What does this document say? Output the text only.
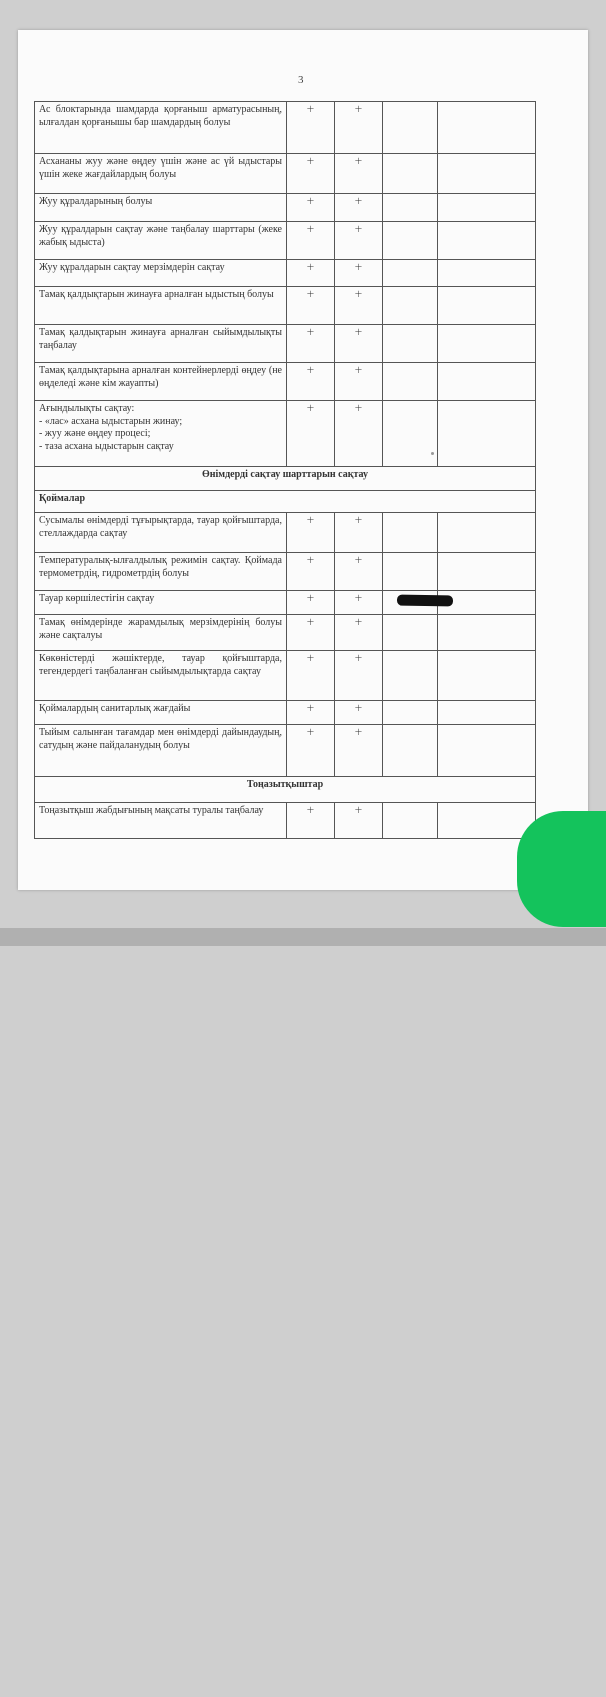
3
Ас блоктарында шамдарда қорғаныш арматурасының, ылғалдан қорғанышы бар шамдардың болуы	+	+		
Асхананы жуу және өңдеу үшін және ас үй ыдыстары үшін жеке жағдайлардың болуы	+	+		
Жуу құралдарының болуы	+	+		
Жуу құралдарын сақтау және таңбалау шарттары (жеке жабық ыдыста)	+	+		
Жуу құралдарын сақтау мерзімдерін сақтау	+	+		
Тамақ қалдықтарын жинауға арналған ыдыстың болуы	+	+		
Тамақ қалдықтарын жинауға арналған сыйымдылықты таңбалау	+	+		
Тамақ қалдықтарына арналған контейнерлерді өңдеу (не өңделеді және кім жауапты)	+	+		

Ағындылықты сақтау:
- «лас» асхана ыдыстарын жинау;
- жуу және өңдеу процесі;
- таза асхана ыдыстарын сақтау	+	+		
Өнімдерді сақтау шарттарын сақтау				
Қоймалар				
Сусымалы өнімдерді тұғырықтарда, тауар қойғыштарда, стеллаждарда сақтау	+	+		
Температуралық-ылғалдылық режимін сақтау. Қоймада термометрдің, гидрометрдің болуы	+	+		
Тауар көршілестігін сақтау	+	+		
Тамақ өнімдерінде жарамдылық мерзімдерінің болуы және сақталуы	+	+		
Көкөністерді жәшіктерде, тауар қойғыштарда, тегендердегі таңбаланған сыйымдылықтарда сақтау	+	+		
Қоймалардың санитарлық жағдайы	+	+		
Тыйым салынған тағамдар мен өнімдерді дайындаудың, сатудың және пайдаланудың болуы	+	+		
Тоңазытқыштар				
Тоңазытқыш жабдығының мақсаты туралы таңбалау	+	+		
